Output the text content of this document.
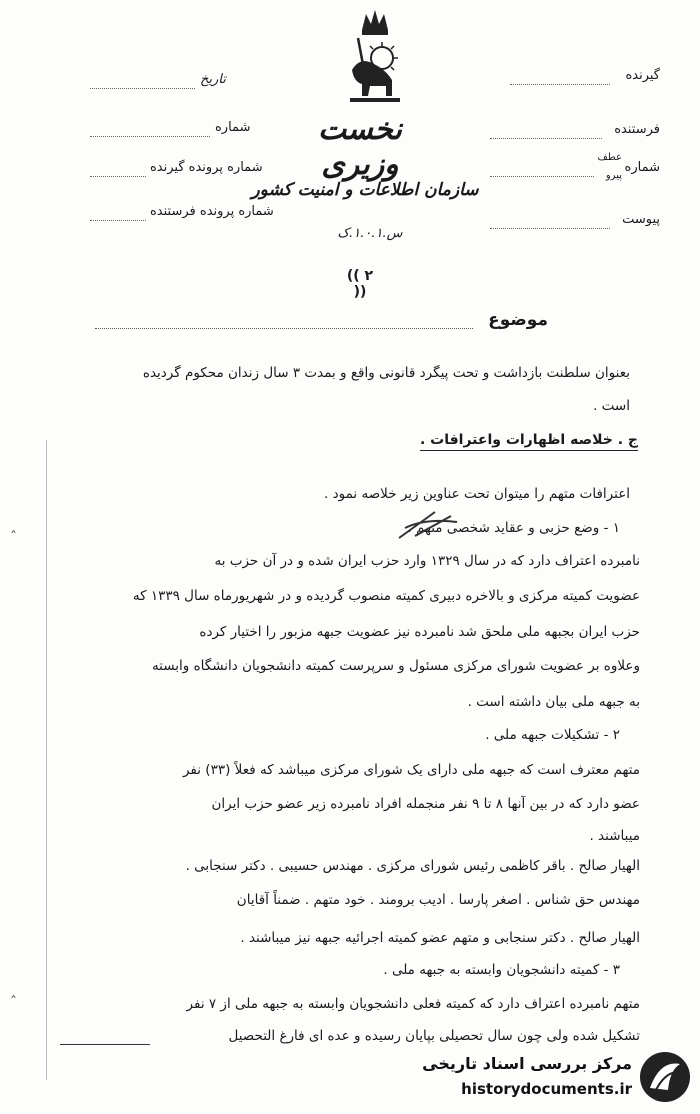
گیرنده
فرستنده
شماره
عطف
پیرو
پیوست
تاریخ
شماره
شماره پرونده گیرنده
شماره پرونده فرستنده
نخست وزیری
سازمان اطلاعات و امنیت کشور
س.۱.۰.۱.ک
(( ۲ ))
موضوع
بعنوان سلطنت بازداشت و تحت پیگرد قانونی واقع و بمدت ۳ سال زندان محکوم گردیده
است .
ج . خلاصه اظهارات واعترافات .
اعترافات متهم را میتوان تحت عناوین زیر خلاصه نمود .
۱ - وضع حزبی و عقاید شخصی متهم .
نامبرده اعتراف دارد که در سال ۱۳۲۹ وارد حزب ایران شده و در آن حزب به
عضویت کمیته مرکزی و بالاخره دبیری کمیته منصوب گردیده و در شهریورماه سال ۱۳۳۹ که
حزب ایران بجبهه ملی ملحق شد نامبرده نیز عضویت جبهه مزبور را اختیار کرده
وعلاوه بر عضویت شورای مرکزی مسئول و سرپرست کمیته دانشجویان دانشگاه وابسته
به جبهه ملی بیان داشته است .
۲ - تشکیلات جبهه ملی .
متهم معترف است که جبهه ملی دارای یک شورای مرکزی میباشد که فعلاً (۳۳) نفر
عضو دارد که در بین آنها ۸ تا ۹ نفر منجمله افراد نامبرده زیر عضو حزب ایران
میباشند .
الهیار صالح . باقر کاظمی رئیس شورای مرکزی . مهندس حسیبی . دکتر سنجابی .
مهندس حق شناس . اصغر پارسا . ادیب برومند . خود متهم . ضمناً آقایان
الهیار صالح . دکتر سنجابی و متهم عضو کمیته اجرائیه جبهه نیز میباشند .
۳ - کمیته دانشجویان وابسته به جبهه ملی .
متهم نامبرده اعتراف دارد که کمیته فعلی دانشجویان وابسته به جبهه ملی از ۷ نفر
تشکیل شده ولی چون سال تحصیلی بپایان رسیده و عده ای فارغ التحصیل
ˆ
ˆ
مرکز بررسی اسناد تاریخی
historydocuments.ir
